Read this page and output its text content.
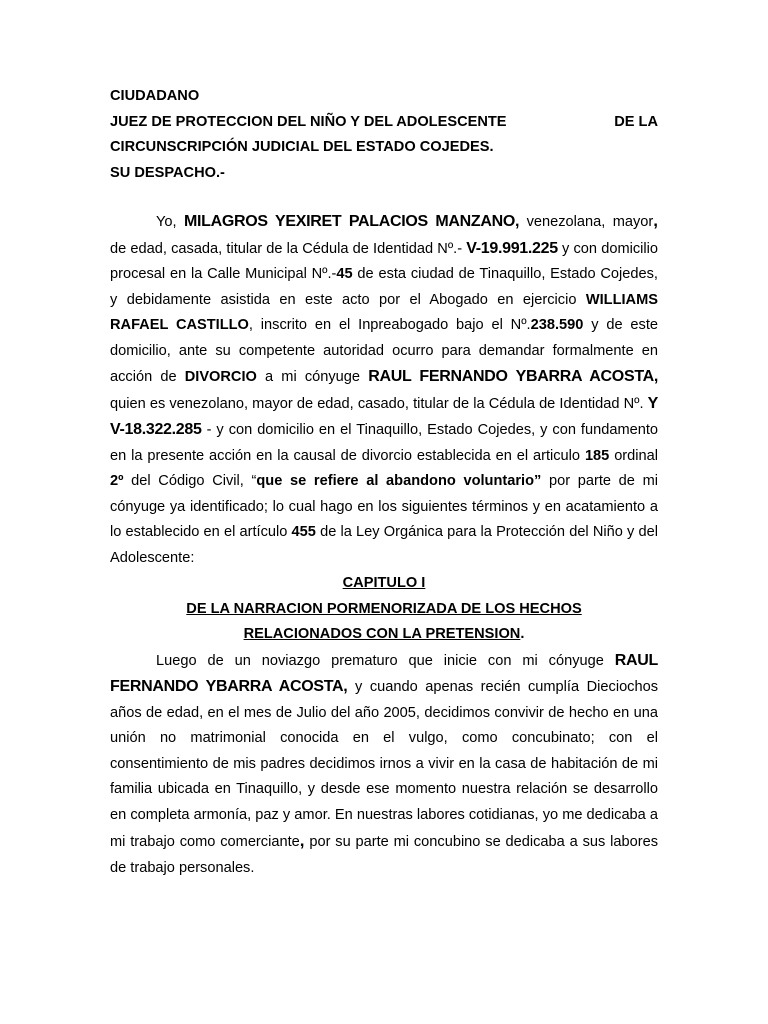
CIUDADANO
JUEZ DE PROTECCION DEL NIÑO Y DEL ADOLESCENTE	DE LA
CIRCUNSCRIPCIÓN JUDICIAL DEL ESTADO COJEDES.
SU DESPACHO.-

Yo, MILAGROS YEXIRET PALACIOS MANZANO, venezolana, mayor, de edad, casada, titular de la Cédula de Identidad Nº.- V-19.991.225 y con domicilio procesal en la Calle Municipal Nº.-45 de esta ciudad de Tinaquillo, Estado Cojedes, y debidamente asistida en este acto por el Abogado en ejercicio WILLIAMS RAFAEL CASTILLO, inscrito en el Inpreabogado bajo el Nº.238.590 y de este domicilio, ante su competente autoridad ocurro para demandar formalmente en acción de DIVORCIO a mi cónyuge RAUL FERNANDO YBARRA ACOSTA, quien es venezolano, mayor de edad, casado, titular de la Cédula de Identidad Nº. Y V-18.322.285 - y con domicilio en el Tinaquillo, Estado Cojedes, y con fundamento en la presente acción en la causal de divorcio establecida en el articulo 185 ordinal 2º del Código Civil, “que se refiere al abandono voluntario” por parte de mi cónyuge ya identificado; lo cual hago en los siguientes términos y en acatamiento a lo establecido en el artículo 455 de la Ley Orgánica para la Protección del Niño y del Adolescente:

CAPITULO I
DE LA NARRACION PORMENORIZADA DE LOS HECHOS
RELACIONADOS CON LA PRETENSION.

Luego de un noviazgo prematuro que inicie con mi cónyuge RAUL FERNANDO YBARRA ACOSTA, y cuando apenas recién cumplía Dieciochos años de edad, en el mes de Julio del año 2005, decidimos convivir de hecho en una unión no matrimonial conocida en el vulgo, como concubinato; con el consentimiento de mis padres decidimos irnos a vivir en la casa de habitación de mi familia ubicada en Tinaquillo, y desde ese momento nuestra relación se desarrollo en completa armonía, paz y amor. En nuestras labores cotidianas, yo me dedicaba a mi trabajo como comerciante, por su parte mi concubino se dedicaba a sus labores de trabajo personales.
